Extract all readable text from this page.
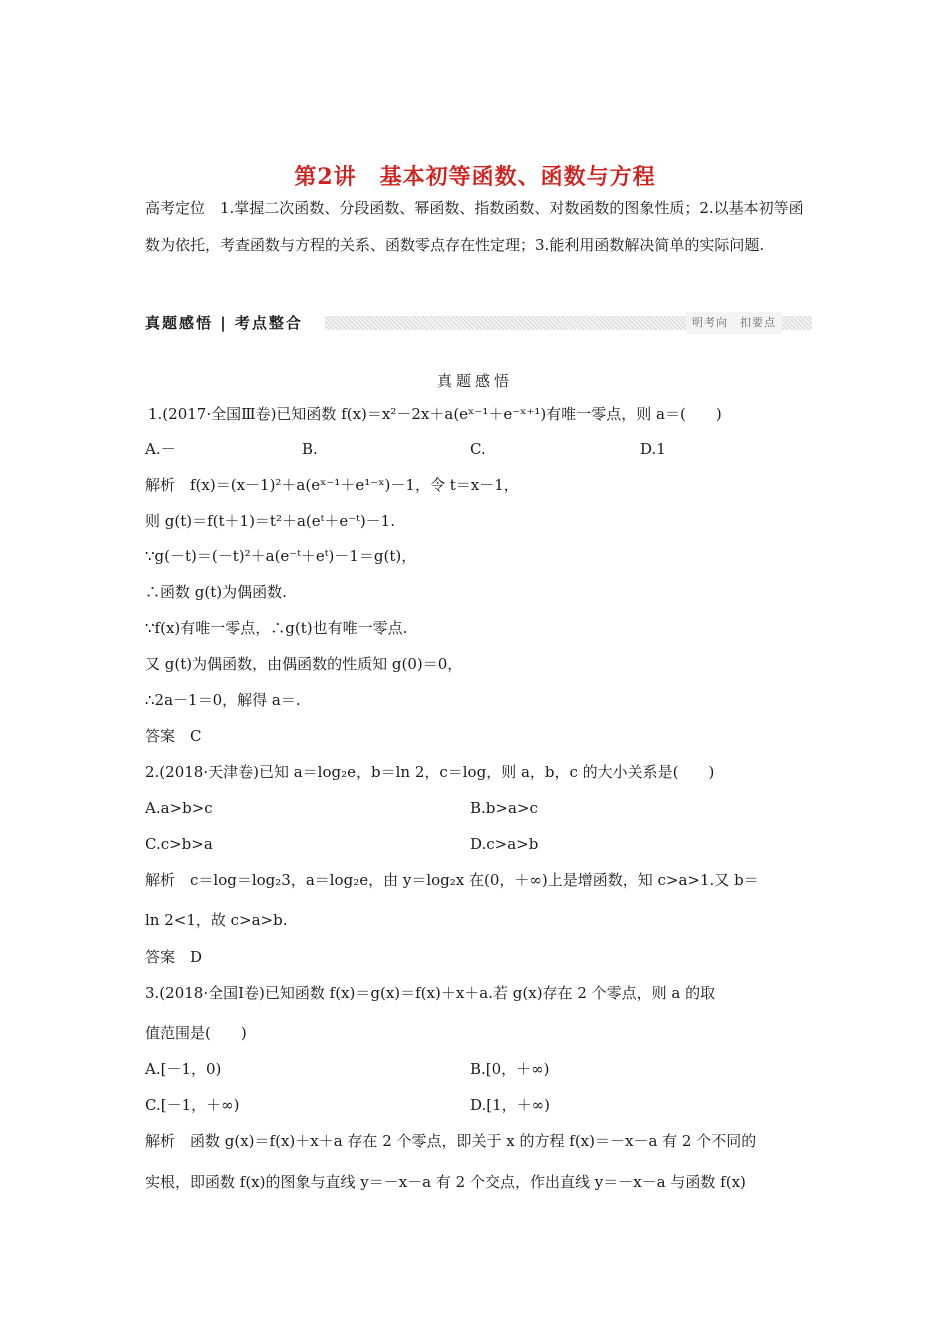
第2讲　基本初等函数、函数与方程
高考定位　1.掌握二次函数、分段函数、幂函数、指数函数、对数函数的图象性质；2.以基本初等函数为依托，考查函数与方程的关系、函数零点存在性定理；3.能利用函数解决简单的实际问题.
真题感悟 | 考点整合	明考向　扣要点
真题感悟
1.(2017·全国Ⅲ卷)已知函数 f(x)＝x²－2x＋a(eˣ⁻¹＋e⁻ˣ⁺¹)有唯一零点，则 a＝(　　)
A.－	B.	C.	D.1
解析　f(x)＝(x－1)²＋a(eˣ⁻¹＋e¹⁻ˣ)－1，令 t＝x－1，
则 g(t)＝f(t＋1)＝t²＋a(eᵗ＋e⁻ᵗ)－1.
∵g(－t)＝(－t)²＋a(e⁻ᵗ＋eᵗ)－1＝g(t)，
∴函数 g(t)为偶函数.
∵f(x)有唯一零点，∴g(t)也有唯一零点.
又 g(t)为偶函数，由偶函数的性质知 g(0)＝0，
∴2a－1＝0，解得 a＝.
答案　C
2.(2018·天津卷)已知 a＝log₂e，b＝ln 2，c＝log，则 a，b，c 的大小关系是(　　)
A.a>b>c	B.b>a>c
C.c>b>a	D.c>a>b
解析　c＝log＝log₂3，a＝log₂e，由 y＝log₂x 在(0，＋∞)上是增函数，知 c>a>1.又 b＝
ln 2<1，故 c>a>b.
答案　D
3.(2018·全国Ⅰ卷)已知函数 f(x)＝g(x)＝f(x)＋x＋a.若 g(x)存在 2 个零点，则 a 的取
值范围是(　　)
A.[－1，0)	B.[0，＋∞)
C.[－1，＋∞)	D.[1，＋∞)
解析　函数 g(x)＝f(x)＋x＋a 存在 2 个零点，即关于 x 的方程 f(x)＝－x－a 有 2 个不同的
实根，即函数 f(x)的图象与直线 y＝－x－a 有 2 个交点，作出直线 y＝－x－a 与函数 f(x)
